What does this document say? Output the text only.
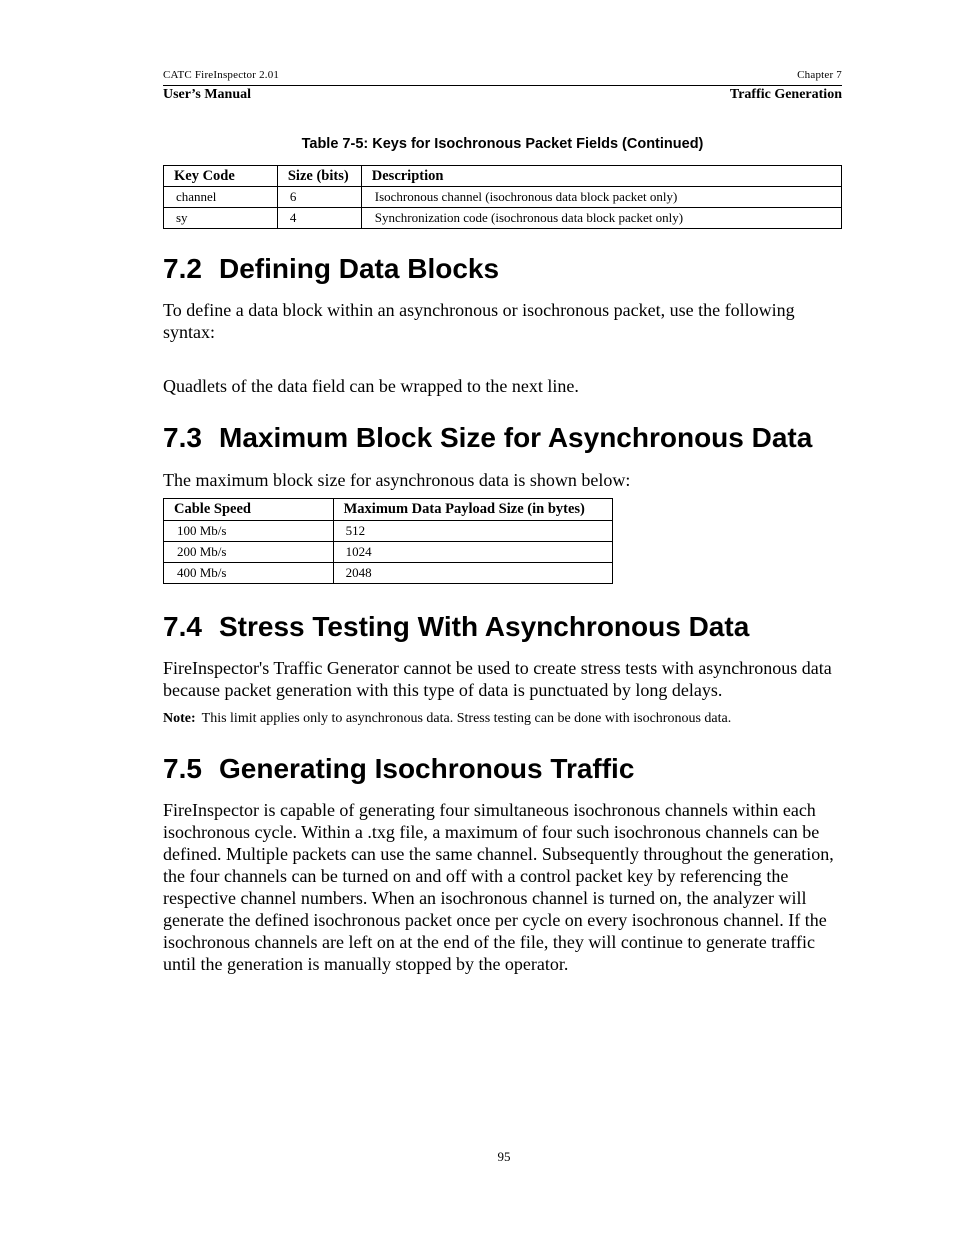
CATC FireInspector 2.01	Chapter 7
User’s Manual	Traffic Generation
Table 7-5: Keys for Isochronous Packet Fields (Continued)
Key Code	Size (bits)	Description
channel	6	Isochronous channel (isochronous data block packet only)
sy	4	Synchronization code (isochronous data block packet only)
7.2 Defining Data Blocks
To define a data block within an asynchronous or isochronous packet, use the following syntax:
Quadlets of the data field can be wrapped to the next line.
7.3 Maximum Block Size for Asynchronous Data
The maximum block size for asynchronous data is shown below:
Cable Speed	Maximum Data Payload Size (in bytes)
100 Mb/s	512
200 Mb/s	1024
400 Mb/s	2048
7.4 Stress Testing With Asynchronous Data
FireInspector's Traffic Generator cannot be used to create stress tests with asynchronous data because packet generation with this type of data is punctuated by long delays.
Note: This limit applies only to asynchronous data. Stress testing can be done with isochronous data.
7.5 Generating Isochronous Traffic
FireInspector is capable of generating four simultaneous isochronous channels within each isochronous cycle. Within a .txg file, a maximum of four such isochronous channels can be defined. Multiple packets can use the same channel. Subsequently throughout the generation, the four channels can be turned on and off with a control packet key by referencing the respective channel numbers. When an isochronous channel is turned on, the analyzer will generate the defined isochronous packet once per cycle on every isochronous channel. If the isochronous channels are left on at the end of the file, they will continue to generate traffic until the generation is manually stopped by the operator.
95
